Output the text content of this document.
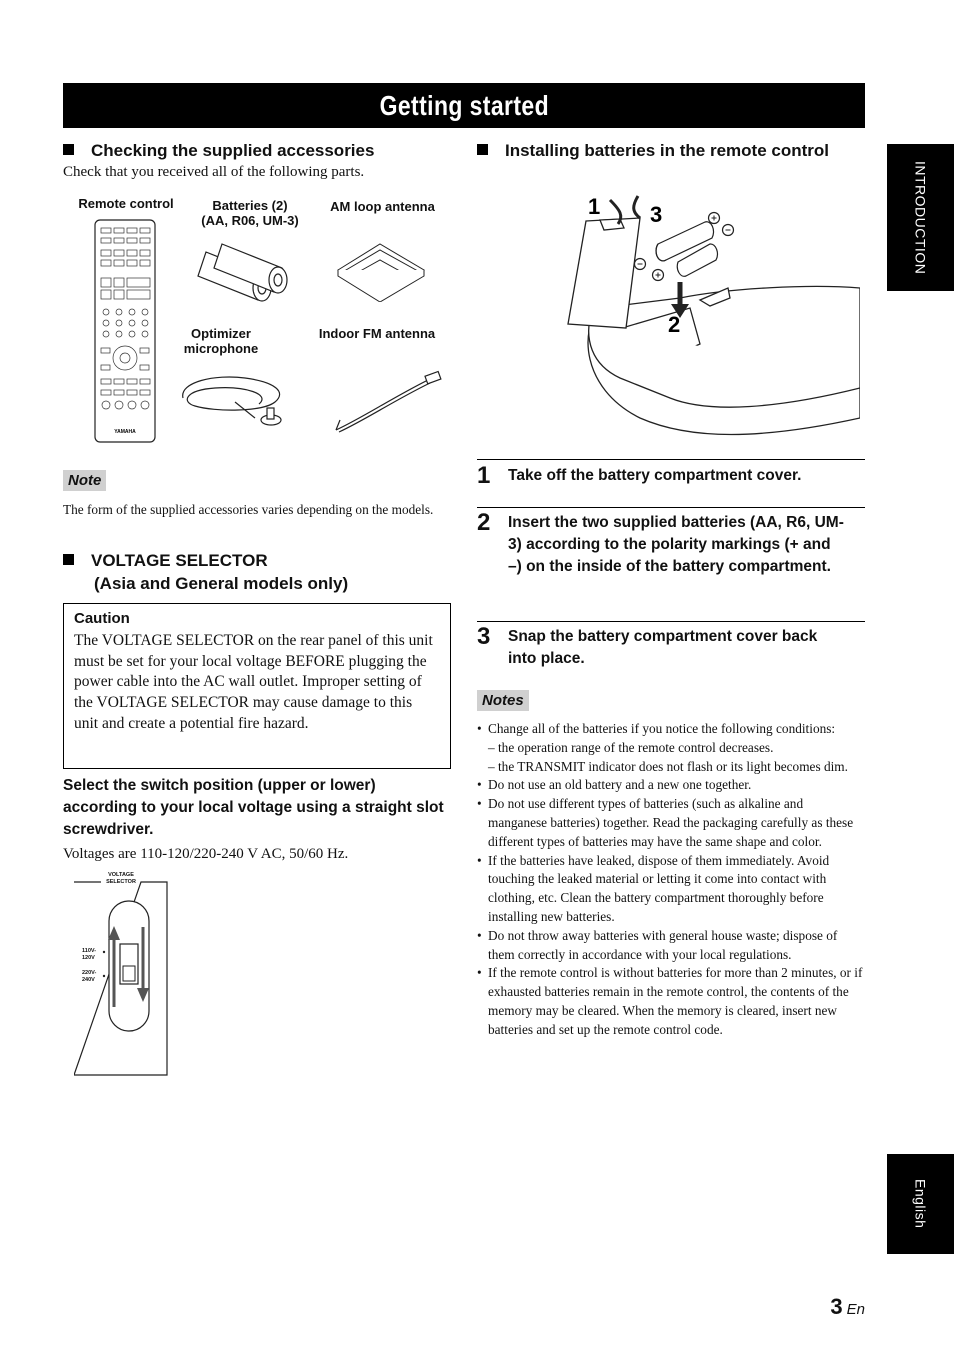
Getting started
INTRODUCTION
English
Checking the supplied accessories
Check that you received all of the following parts.
Remote control	Batteries (2)
(AA, R06, UM-3)
AM loop antenna
Optimizer
microphone
Indoor FM antenna
YAMAHA
Note
The form of the supplied accessories varies depending on the models.
VOLTAGE SELECTOR
(Asia and General models only)
Caution
The VOLTAGE SELECTOR on the rear panel of this unit must be set for your local voltage BEFORE plugging the power cable into the AC wall outlet. Improper setting of the VOLTAGE SELECTOR may cause damage to this unit and create a potential fire hazard.
Select the switch position (upper or lower) according to your local voltage using a straight slot screwdriver.
Voltages are 110-120/220-240 V AC, 50/60 Hz.
VOLTAGE
SELECTOR
110V-
120V
220V-
240V
Installing batteries in the remote control
1 3
2
1 Take off the battery compartment cover.
2 Insert the two supplied batteries (AA, R6, UM-3) according to the polarity markings (+ and –) on the inside of the battery compartment.
3 Snap the battery compartment cover back into place.
Notes
• Change all of the batteries if you notice the following conditions:
– the operation range of the remote control decreases.
– the TRANSMIT indicator does not flash or its light becomes dim.
• Do not use an old battery and a new one together.
• Do not use different types of batteries (such as alkaline and manganese batteries) together. Read the packaging carefully as these different types of batteries may have the same shape and color.
• If the batteries have leaked, dispose of them immediately. Avoid touching the leaked material or letting it come into contact with clothing, etc. Clean the battery compartment thoroughly before installing new batteries.
• Do not throw away batteries with general house waste; dispose of them correctly in accordance with your local regulations.
• If the remote control is without batteries for more than 2 minutes, or if exhausted batteries remain in the remote control, the contents of the memory may be cleared. When the memory is cleared, insert new batteries and set up the remote control code.
3 En
